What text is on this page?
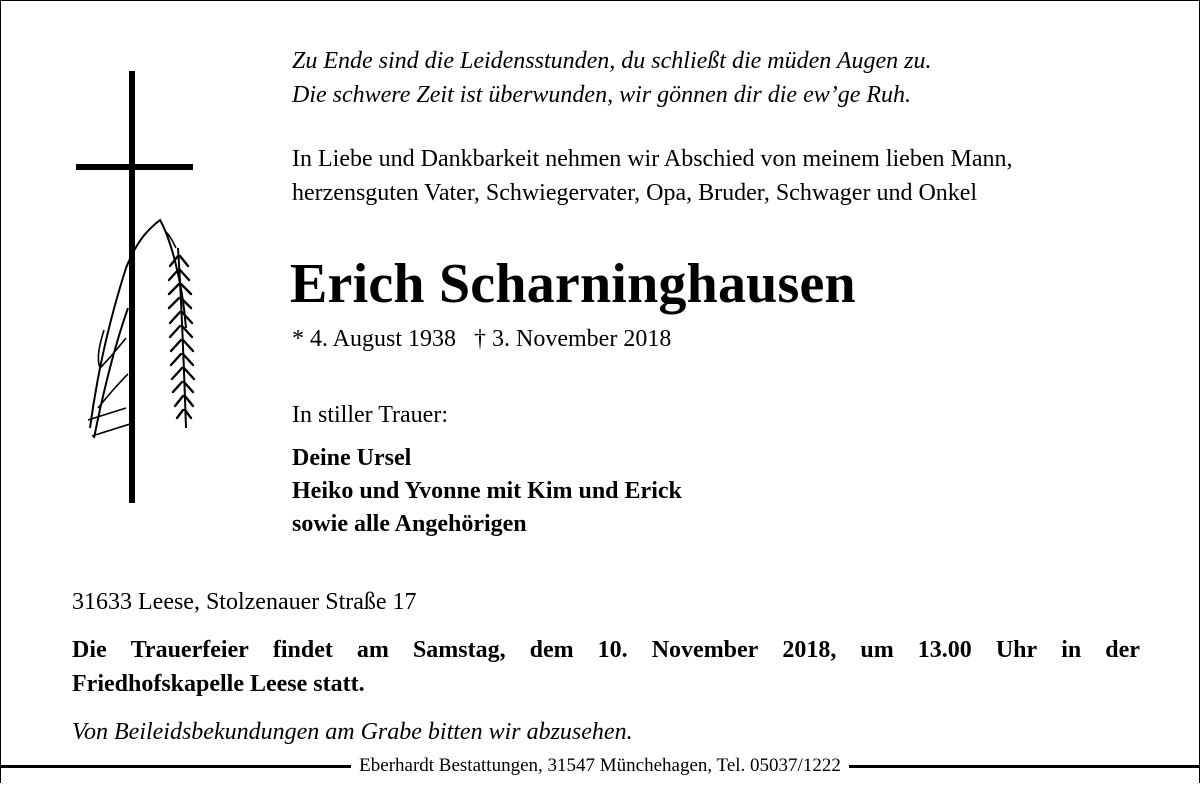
Zu Ende sind die Leidensstunden, du schließt die müden Augen zu.
Die schwere Zeit ist überwunden, wir gönnen dir die ew’ge Ruh.
In Liebe und Dankbarkeit nehmen wir Abschied von meinem lieben Mann,
herzensguten Vater, Schwiegervater, Opa, Bruder, Schwager und Onkel
Erich Scharninghausen
* 4. August 1938 † 3. November 2018
In stiller Trauer:
Deine Ursel
Heiko und Yvonne mit Kim und Erick
sowie alle Angehörigen
31633 Leese, Stolzenauer Straße 17
Die Trauerfeier findet am Samstag, dem 10. November 2018, um 13.00 Uhr in der
Friedhofskapelle Leese statt.
Von Beileidsbekundungen am Grabe bitten wir abzusehen.
Eberhardt Bestattungen, 31547 Münchehagen, Tel. 05037/1222
